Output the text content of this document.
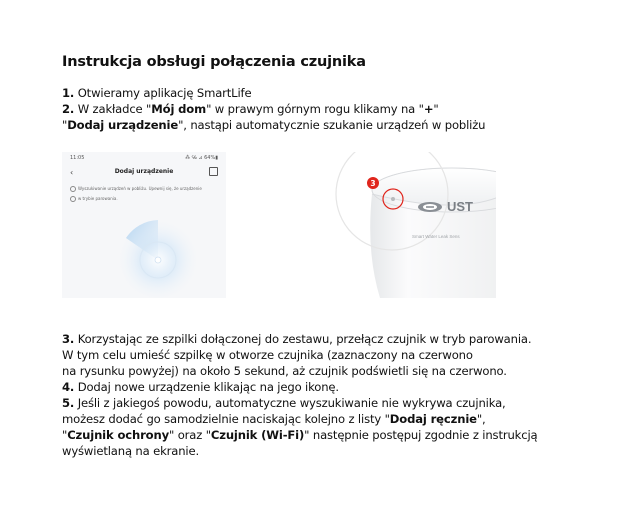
Instrukcja obsługi połączenia czujnika
1. Otwieramy aplikację SmartLife
2. W zakładce "Mój dom" w prawym górnym rogu klikamy na "+"
"Dodaj urządzenie", nastąpi automatycznie szukanie urządzeń w pobliżu
11:05	⁂ ℅ ⊿ 64%▮
‹	Dodaj urządzenie
Wyszukiwanie urządzeń w pobliżu. Upewnij się, że urządzenie
w trybie parowania.
UST
Smart Water Leak Sens
3
3. Korzystając ze szpilki dołączonej do zestawu, przełącz czujnik w tryb parowania.
W tym celu umieść szpilkę w otworze czujnika (zaznaczony na czerwono
na rysunku powyżej) na około 5 sekund, aż czujnik podświetli się na czerwono.
4. Dodaj nowe urządzenie klikając na jego ikonę.
5. Jeśli z jakiegoś powodu, automatyczne wyszukiwanie nie wykrywa czujnika,
możesz dodać go samodzielnie naciskając kolejno z listy "Dodaj ręcznie",
"Czujnik ochrony" oraz "Czujnik (Wi-Fi)" następnie postępuj zgodnie z instrukcją
wyświetlaną na ekranie.
